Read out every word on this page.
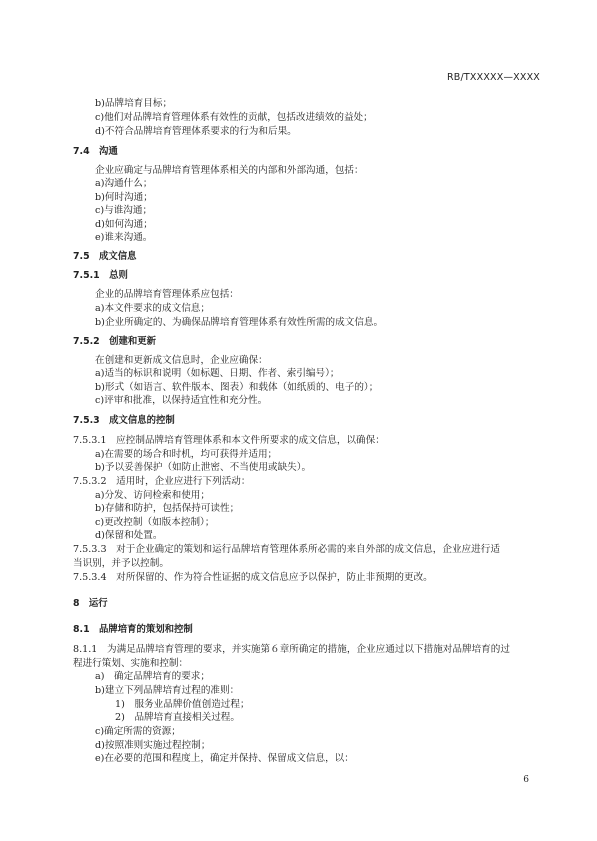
RB/TXXXXX—XXXX
b)品牌培育目标；
c)他们对品牌培育管理体系有效性的贡献，包括改进绩效的益处；
d)不符合品牌培育管理体系要求的行为和后果。
7.4　沟通
企业应确定与品牌培育管理体系相关的内部和外部沟通，包括：
a)沟通什么；
b)何时沟通；
c)与谁沟通；
d)如何沟通；
e)谁来沟通。
7.5　成文信息
7.5.1　总则
企业的品牌培育管理体系应包括：
a)本文件要求的成文信息；
b)企业所确定的、为确保品牌培育管理体系有效性所需的成文信息。
7.5.2　创建和更新
在创建和更新成文信息时，企业应确保：
a)适当的标识和说明（如标题、日期、作者、索引编号）；
b)形式（如语言、软件版本、图表）和载体（如纸质的、电子的）；
c)评审和批准，以保持适宜性和充分性。
7.5.3　成文信息的控制
7.5.3.1　应控制品牌培育管理体系和本文件所要求的成文信息，以确保：
a)在需要的场合和时机，均可获得并适用；
b)予以妥善保护（如防止泄密、不当使用或缺失）。
7.5.3.2　适用时，企业应进行下列活动：
a)分发、访问检索和使用；
b)存储和防护，包括保持可读性；
c)更改控制（如版本控制）；
d)保留和处置。
7.5.3.3　对于企业确定的策划和运行品牌培育管理体系所必需的来自外部的成文信息，企业应进行适
当识别，并予以控制。
7.5.3.4　对所保留的、作为符合性证据的成文信息应予以保护，防止非预期的更改。
8　运行
8.1　品牌培育的策划和控制
8.1.1　为满足品牌培育管理的要求，并实施第６章所确定的措施，企业应通过以下措施对品牌培育的过
程进行策划、实施和控制：
a)　确定品牌培育的要求；
b)建立下列品牌培育过程的准则：
1)　服务业品牌价值创造过程；
2)　品牌培育直接相关过程。
c)确定所需的资源；
d)按照准则实施过程控制；
e)在必要的范围和程度上，确定并保持、保留成文信息，以：
6
